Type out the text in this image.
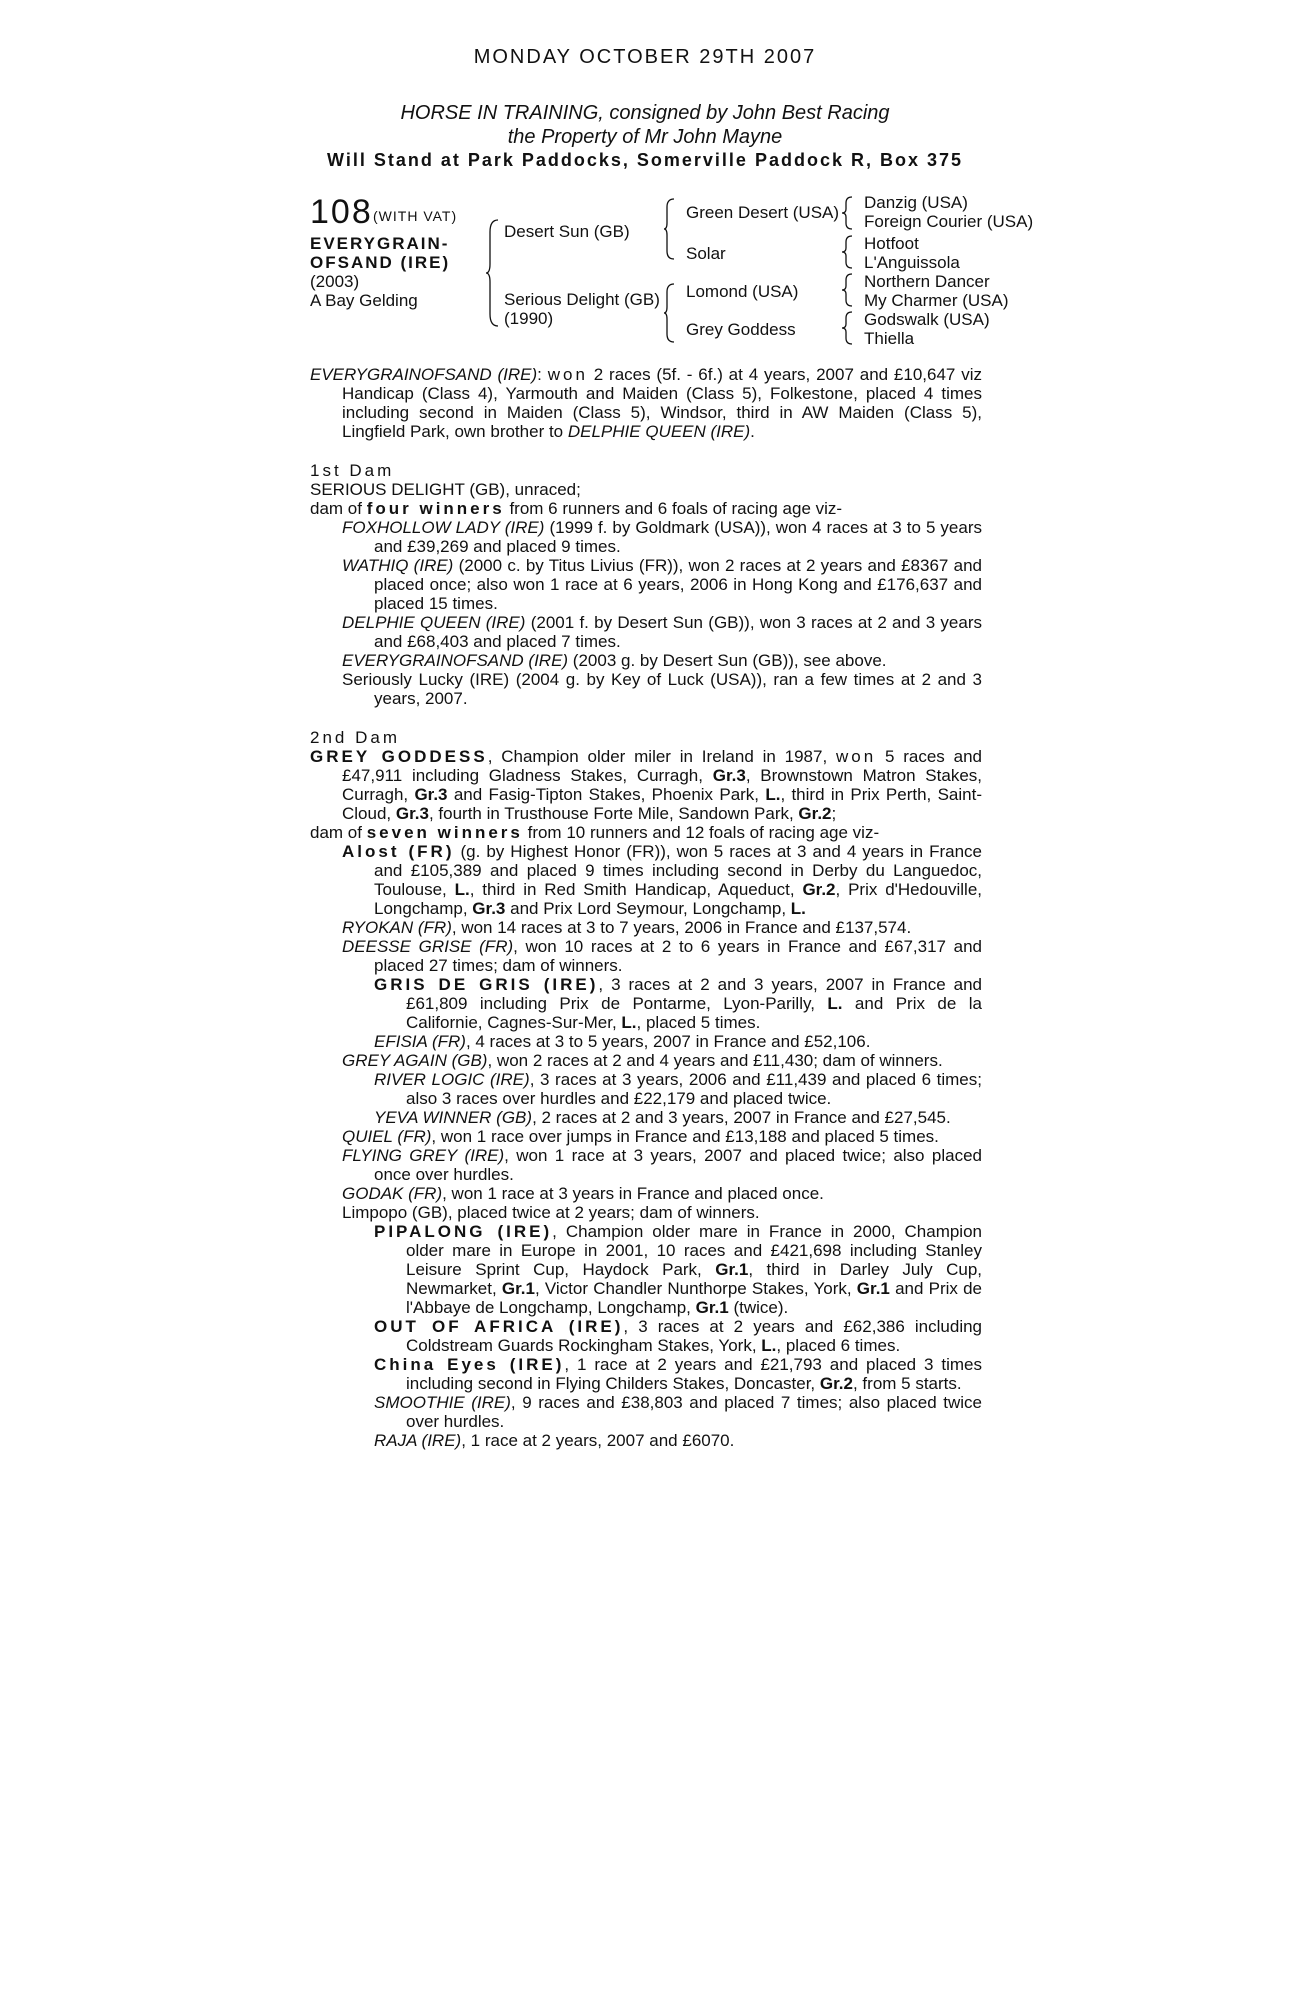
MONDAY OCTOBER 29TH 2007
HORSE IN TRAINING, consigned by John Best Racing
the Property of Mr John Mayne
Will Stand at Park Paddocks, Somerville Paddock R, Box 375
108 (WITH VAT)
EVERYGRAIN-
OFSAND (IRE)
(2003)
A Bay Gelding
Desert Sun (GB)
Serious Delight (GB)
(1990)
Green Desert (USA)
Solar
Lomond (USA)
Grey Goddess
Danzig (USA)
Foreign Courier (USA)
Hotfoot
L'Anguissola
Northern Dancer
My Charmer (USA)
Godswalk (USA)
Thiella

EVERYGRAINOFSAND (IRE): won 2 races (5f. - 6f.) at 4 years, 2007 and £10,647 viz Handicap (Class 4), Yarmouth and Maiden (Class 5), Folkestone, placed 4 times including second in Maiden (Class 5), Windsor, third in AW Maiden (Class 5), Lingfield Park, own brother to DELPHIE QUEEN (IRE).

1st Dam

SERIOUS DELIGHT (GB), unraced;

dam of four winners from 6 runners and 6 foals of racing age viz-

FOXHOLLOW LADY (IRE) (1999 f. by Goldmark (USA)), won 4 races at 3 to 5 years and £39,269 and placed 9 times.

WATHIQ (IRE) (2000 c. by Titus Livius (FR)), won 2 races at 2 years and £8367 and placed once; also won 1 race at 6 years, 2006 in Hong Kong and £176,637 and placed 15 times.

DELPHIE QUEEN (IRE) (2001 f. by Desert Sun (GB)), won 3 races at 2 and 3 years and £68,403 and placed 7 times.

EVERYGRAINOFSAND (IRE) (2003 g. by Desert Sun (GB)), see above.

Seriously Lucky (IRE) (2004 g. by Key of Luck (USA)), ran a few times at 2 and 3 years, 2007.

2nd Dam

GREY GODDESS, Champion older miler in Ireland in 1987, won 5 races and £47,911 including Gladness Stakes, Curragh, Gr.3, Brownstown Matron Stakes, Curragh, Gr.3 and Fasig-Tipton Stakes, Phoenix Park, L., third in Prix Perth, Saint-Cloud, Gr.3, fourth in Trusthouse Forte Mile, Sandown Park, Gr.2;

dam of seven winners from 10 runners and 12 foals of racing age viz-

Alost (FR) (g. by Highest Honor (FR)), won 5 races at 3 and 4 years in France and £105,389 and placed 9 times including second in Derby du Languedoc, Toulouse, L., third in Red Smith Handicap, Aqueduct, Gr.2, Prix d'Hedouville, Longchamp, Gr.3 and Prix Lord Seymour, Longchamp, L.

RYOKAN (FR), won 14 races at 3 to 7 years, 2006 in France and £137,574.

DEESSE GRISE (FR), won 10 races at 2 to 6 years in France and £67,317 and placed 27 times; dam of winners.

GRIS DE GRIS (IRE), 3 races at 2 and 3 years, 2007 in France and £61,809 including Prix de Pontarme, Lyon-Parilly, L. and Prix de la Californie, Cagnes-Sur-Mer, L., placed 5 times.

EFISIA (FR), 4 races at 3 to 5 years, 2007 in France and £52,106.

GREY AGAIN (GB), won 2 races at 2 and 4 years and £11,430; dam of winners.

RIVER LOGIC (IRE), 3 races at 3 years, 2006 and £11,439 and placed 6 times; also 3 races over hurdles and £22,179 and placed twice.

YEVA WINNER (GB), 2 races at 2 and 3 years, 2007 in France and £27,545.

QUIEL (FR), won 1 race over jumps in France and £13,188 and placed 5 times.

FLYING GREY (IRE), won 1 race at 3 years, 2007 and placed twice; also placed once over hurdles.

GODAK (FR), won 1 race at 3 years in France and placed once.

Limpopo (GB), placed twice at 2 years; dam of winners.

PIPALONG (IRE), Champion older mare in France in 2000, Champion older mare in Europe in 2001, 10 races and £421,698 including Stanley Leisure Sprint Cup, Haydock Park, Gr.1, third in Darley July Cup, Newmarket, Gr.1, Victor Chandler Nunthorpe Stakes, York, Gr.1 and Prix de l'Abbaye de Longchamp, Longchamp, Gr.1 (twice).

OUT OF AFRICA (IRE), 3 races at 2 years and £62,386 including Coldstream Guards Rockingham Stakes, York, L., placed 6 times.

China Eyes (IRE), 1 race at 2 years and £21,793 and placed 3 times including second in Flying Childers Stakes, Doncaster, Gr.2, from 5 starts.

SMOOTHIE (IRE), 9 races and £38,803 and placed 7 times; also placed twice over hurdles.

RAJA (IRE), 1 race at 2 years, 2007 and £6070.
